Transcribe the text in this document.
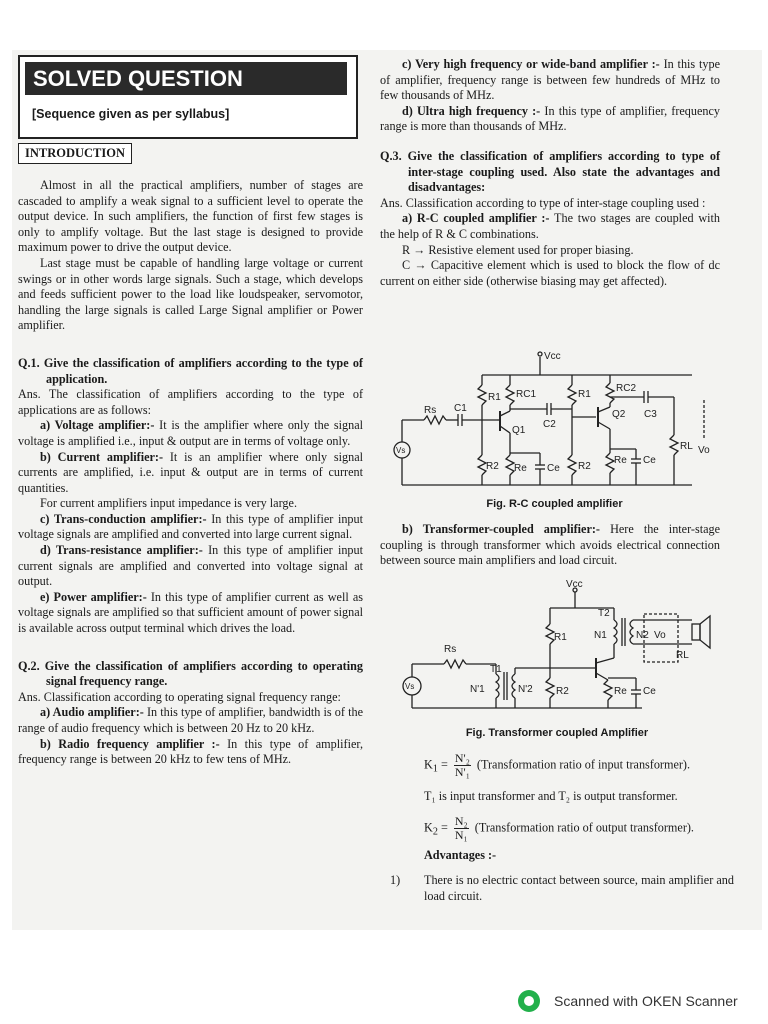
SOLVED QUESTION
[Sequence given as per syllabus]
INTRODUCTION

Almost in all the practical amplifiers, number of stages are cascaded to amplify a weak signal to a sufficient level to operate the output device. In such amplifiers, the function of first few stages is only to amplify voltage. But the last stage is designed to provide maximum power to drive the output device.

Last stage must be capable of handling large voltage or current swings or in other words large signals. Such a stage, which develops and feeds sufficient power to the load like loudspeaker, servomotor, handling the large signals is called Large Signal amplifier or Power amplifier.

Q.1. Give the classification of amplifiers according to the type of application.

Ans. The classification of amplifiers according to the type of applications are as follows:

a) Voltage amplifier:- It is the amplifier where only the signal voltage is amplified i.e., input & output are in terms of voltage only.

b) Current amplifier:- It is an amplifier where only signal currents are amplified, i.e. input & output are in terms of current quantities.

For current amplifiers input impedance is very large.

c) Trans-conduction amplifier:- In this type of amplifier input voltage signals are amplified and converted into large current signal.

d) Trans-resistance amplifier:- In this type of amplifier input current signals are amplified and converted into voltage signal at output.

e) Power amplifier:- In this type of amplifier current as well as voltage signals are amplified so that sufficient amount of power signal is available across output terminal which drives the load.

Q.2. Give the classification of amplifiers according to operating signal frequency range.

Ans. Classification according to operating signal frequency range:

a) Audio amplifier:- In this type of amplifier, bandwidth is of the range of audio frequency which is between 20 Hz to 20 kHz.

b) Radio frequency amplifier :- In this type of amplifier, frequency range is between 20 kHz to few tens of MHz.

c) Very high frequency or wide-band amplifier :- In this type of amplifier, frequency range is between few hundreds of MHz to few thousands of MHz.

d) Ultra high frequency :- In this type of amplifier, frequency range is more than thousands of MHz.

Q.3. Give the classification of amplifiers according to type of inter-stage coupling used. Also state the advantages and disadvantages:

Ans. Classification according to type of inter-stage coupling used :

a) R-C coupled amplifier :- The two stages are coupled with the help of R & C combinations.

R → Resistive element used for proper biasing.

C → Capacitive element which is used to block the flow of dc current on either side (otherwise biasing may get affected).

Vcc
Vs
Rs C1
R1
R2
RC1
Q1
Re Ce
C2
R1
R2
RC2
Q2
Re Ce
C3
RL Vo
Fig. R-C coupled amplifier

b) Transformer-coupled amplifier:- Here the inter-stage coupling is through transformer which avoids electrical connection between source main amplifiers and load circuit.

Vcc
R1
R2
T2
N1	N2 Vo
RL
Re Ce
Vs
Rs
T1
N'1	N'2
Fig. Transformer coupled Amplifier

$K_1 = \frac{\text{N'₂}}{\text{N'₁}}$ (Transformation ratio of input transformer).

T₁ is input transformer and T₂ is output transformer.

$K_2 = \frac{\text{N₂}}{\text{N₁}}$ (Transformation ratio of output transformer).

Advantages :-

1)	There is no electric contact between source, main amplifier and load circuit.
Scanned with OKEN Scanner
